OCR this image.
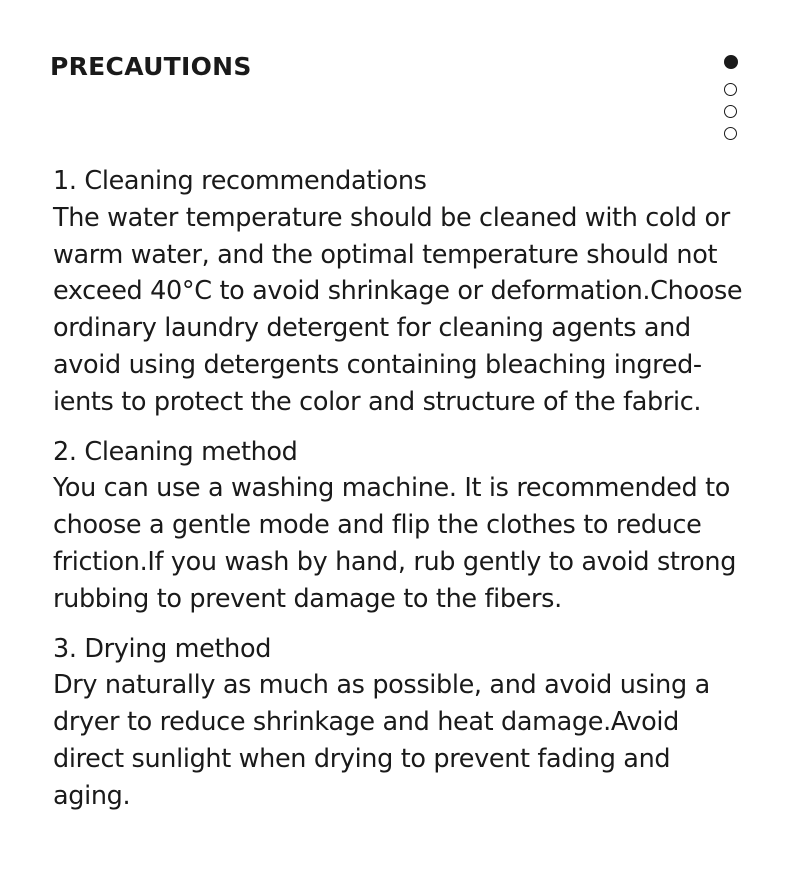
PRECAUTIONS
1. Cleaning recommendations
The water temperature should be cleaned with cold or
warm water, and the optimal temperature should not
exceed 40°C to avoid shrinkage or deformation.Choose
ordinary laundry detergent for cleaning agents and
avoid using detergents containing bleaching ingred-
ients to protect the color and structure of the fabric.
2. Cleaning method
You can use a washing machine. It is recommended to
choose a gentle mode and flip the clothes to reduce
friction.If you wash by hand, rub gently to avoid strong
rubbing to prevent damage to the fibers.
3. Drying method
Dry naturally as much as possible, and avoid using a
dryer to reduce shrinkage and heat damage.Avoid
direct sunlight when drying to prevent fading and
aging.
